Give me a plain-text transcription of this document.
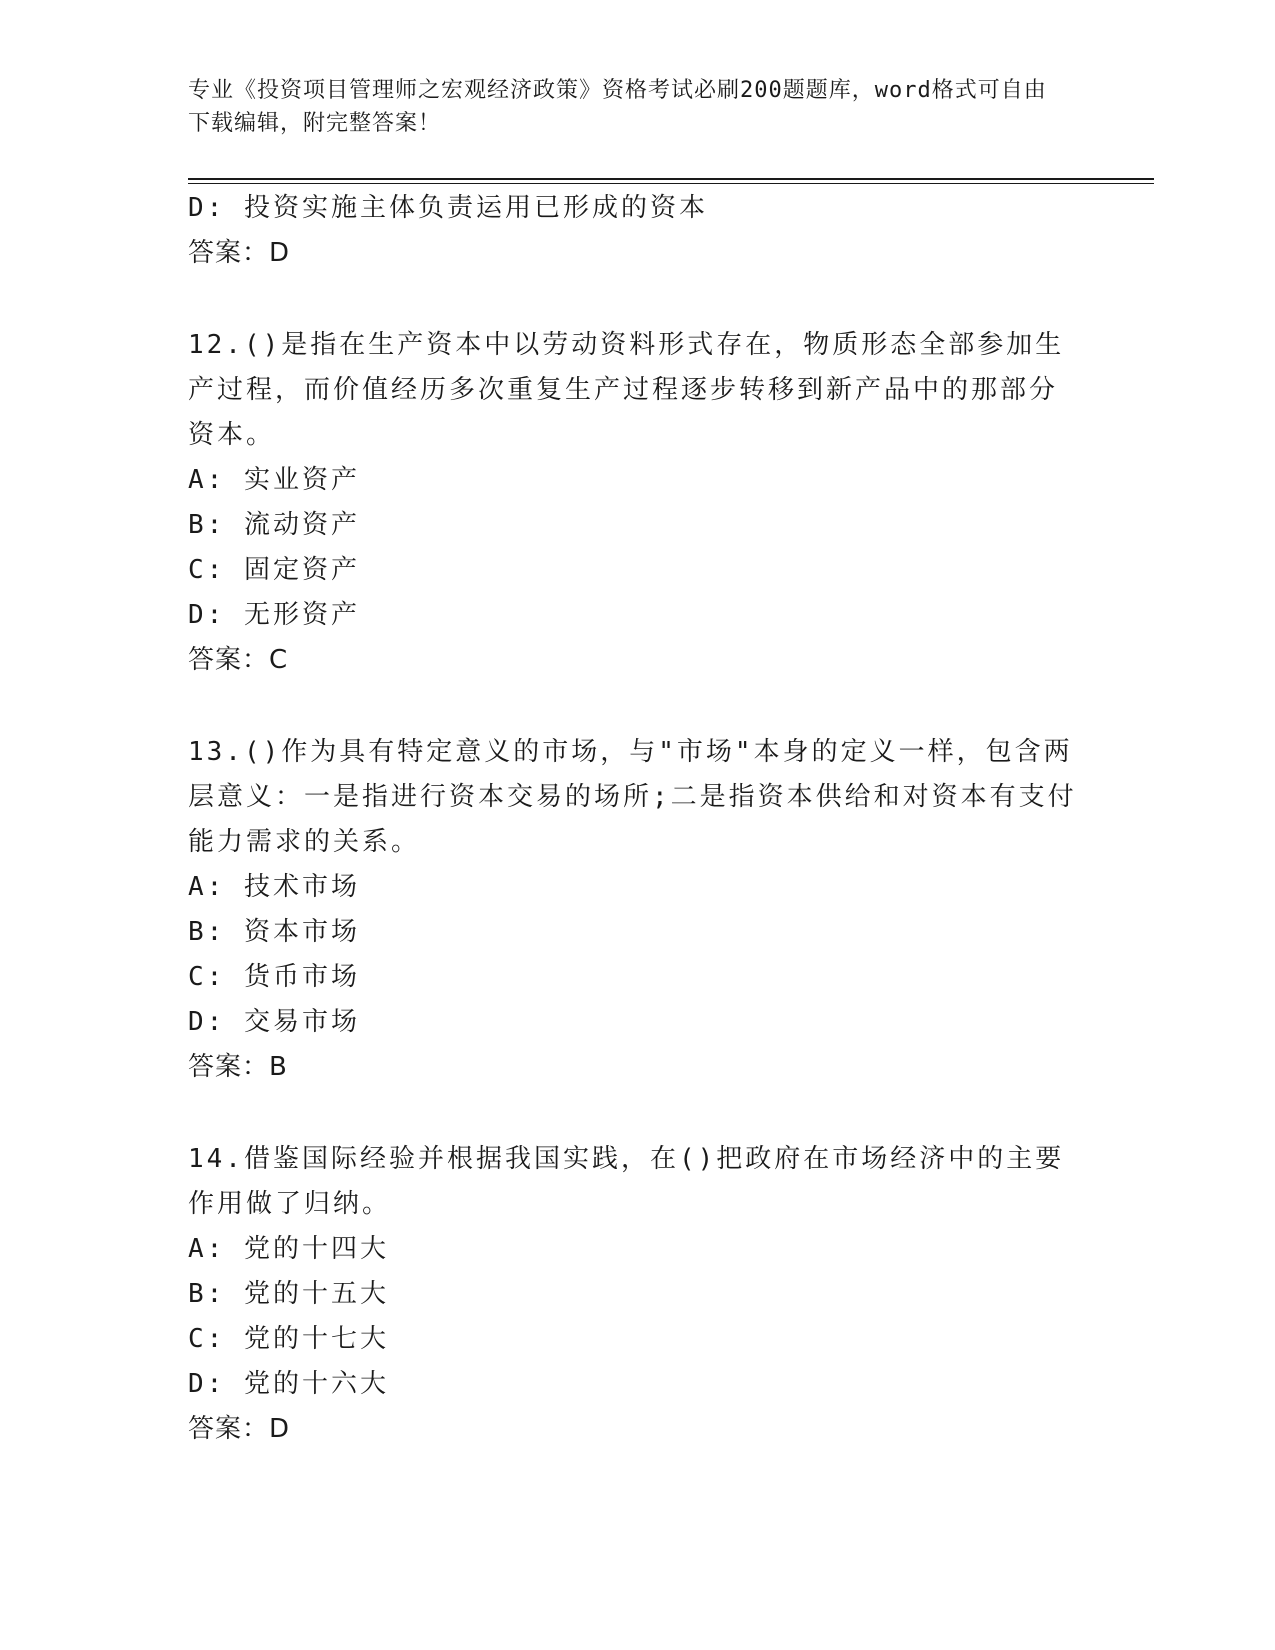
专业《投资项目管理师之宏观经济政策》资格考试必刷200题题库，word格式可自由下载编辑，附完整答案！

D: 投资实施主体负责运用已形成的资本

答案：D

12.()是指在生产资本中以劳动资料形式存在，物质形态全部参加生产过程，而价值经历多次重复生产过程逐步转移到新产品中的那部分资本。

A: 实业资产

B: 流动资产

C: 固定资产

D: 无形资产

答案：C

13.()作为具有特定意义的市场，与"市场"本身的定义一样，包含两层意义：一是指进行资本交易的场所;二是指资本供给和对资本有支付能力需求的关系。

A: 技术市场

B: 资本市场

C: 货币市场

D: 交易市场

答案：B

14.借鉴国际经验并根据我国实践，在()把政府在市场经济中的主要作用做了归纳。

A: 党的十四大

B: 党的十五大

C: 党的十七大

D: 党的十六大

答案：D
